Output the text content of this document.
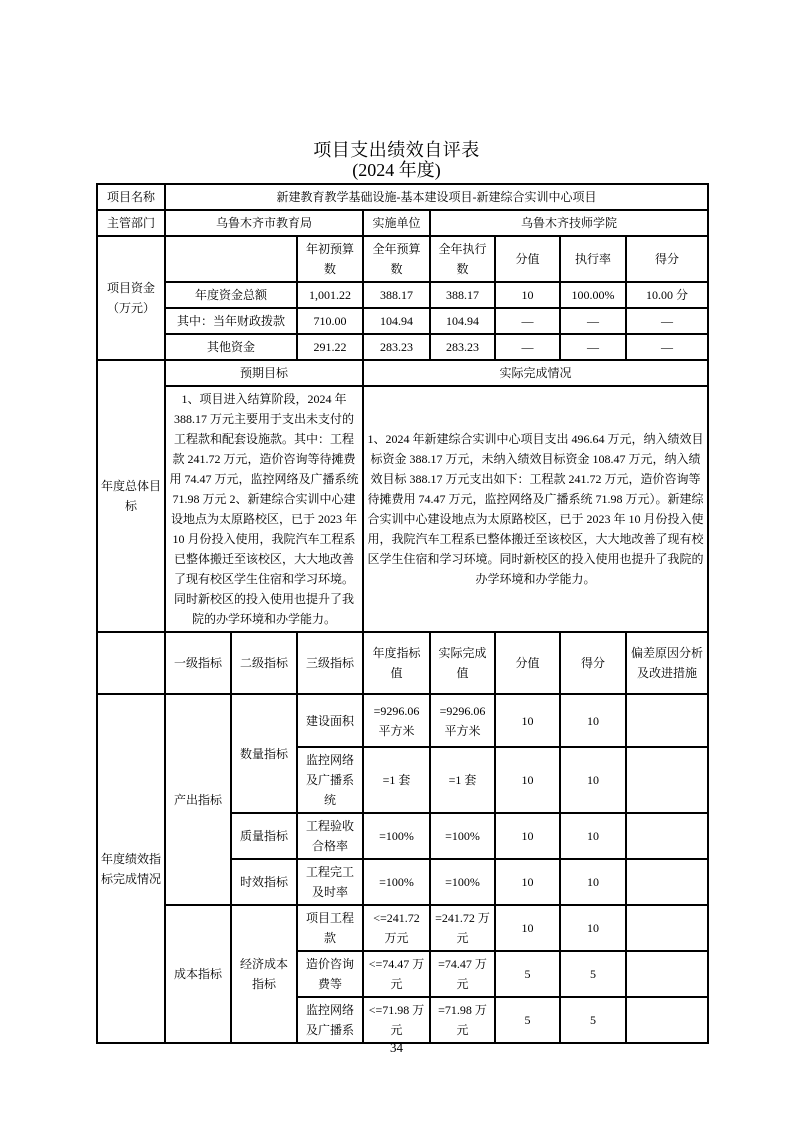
项目支出绩效自评表
(2024 年度)
项目名称	新建教育教学基础设施-基本建设项目-新建综合实训中心项目							
主管部门	乌鲁木齐市教育局			实施单位	乌鲁木齐技师学院			
项目资金（万元）			年初预算数	全年预算数	全年执行数	分值	执行率	得分
	年度资金总额		1,001.22	388.17	388.17	10	100.00%	10.00 分
	其中：当年财政拨款		710.00	104.94	104.94	—	—	—
	其他资金		291.22	283.23	283.23	—	—	—
年度总体目标	预期目标			实际完成情况				
1、项目进入结算阶段，2024 年 388.17 万元主要用于支出未支付的工程款和配套设施款。其中：工程款 241.72 万元，造价咨询等待摊费用 74.47 万元，监控网络及广播系统 71.98 万元 2、新建综合实训中心建设地点为太原路校区，已于 2023 年 10 月份投入使用，我院汽车工程系已整体搬迁至该校区，大大地改善了现有校区学生住宿和学习环境。同时新校区的投入使用也提升了我院的办学环境和办学能力。	1、2024 年新建综合实训中心项目支出 496.64 万元，纳入绩效目标资金 388.17 万元，未纳入绩效目标资金 108.47 万元，纳入绩效目标 388.17 万元支出如下：工程款 241.72 万元，造价咨询等待摊费用 74.47 万元，监控网络及广播系统 71.98 万元）。新建综合实训中心建设地点为太原路校区，已于 2023 年 10 月份投入使用，我院汽车工程系已整体搬迁至该校区，大大地改善了现有校区学生住宿和学习环境。同时新校区的投入使用也提升了我院的办学环境和办学能力。
	一级指标	二级指标	三级指标	年度指标值	实际完成值	分值	得分	偏差原因分析及改进措施
年度绩效指标完成情况	产出指标	数量指标	建设面积	=9296.06 平方米	=9296.06 平方米	10	10	
			监控网络及广播系统	=1 套	=1 套	10	10	
		质量指标	工程验收合格率	=100%	=100%	10	10	
		时效指标	工程完工及时率	=100%	=100%	10	10	
	成本指标	经济成本指标	项目工程款	<=241.72 万元	=241.72 万元	10	10	
			造价咨询费等	<=74.47 万元	=74.47 万元	5	5	
			监控网络及广播系	<=71.98 万元	=71.98 万元	5	5	
34
